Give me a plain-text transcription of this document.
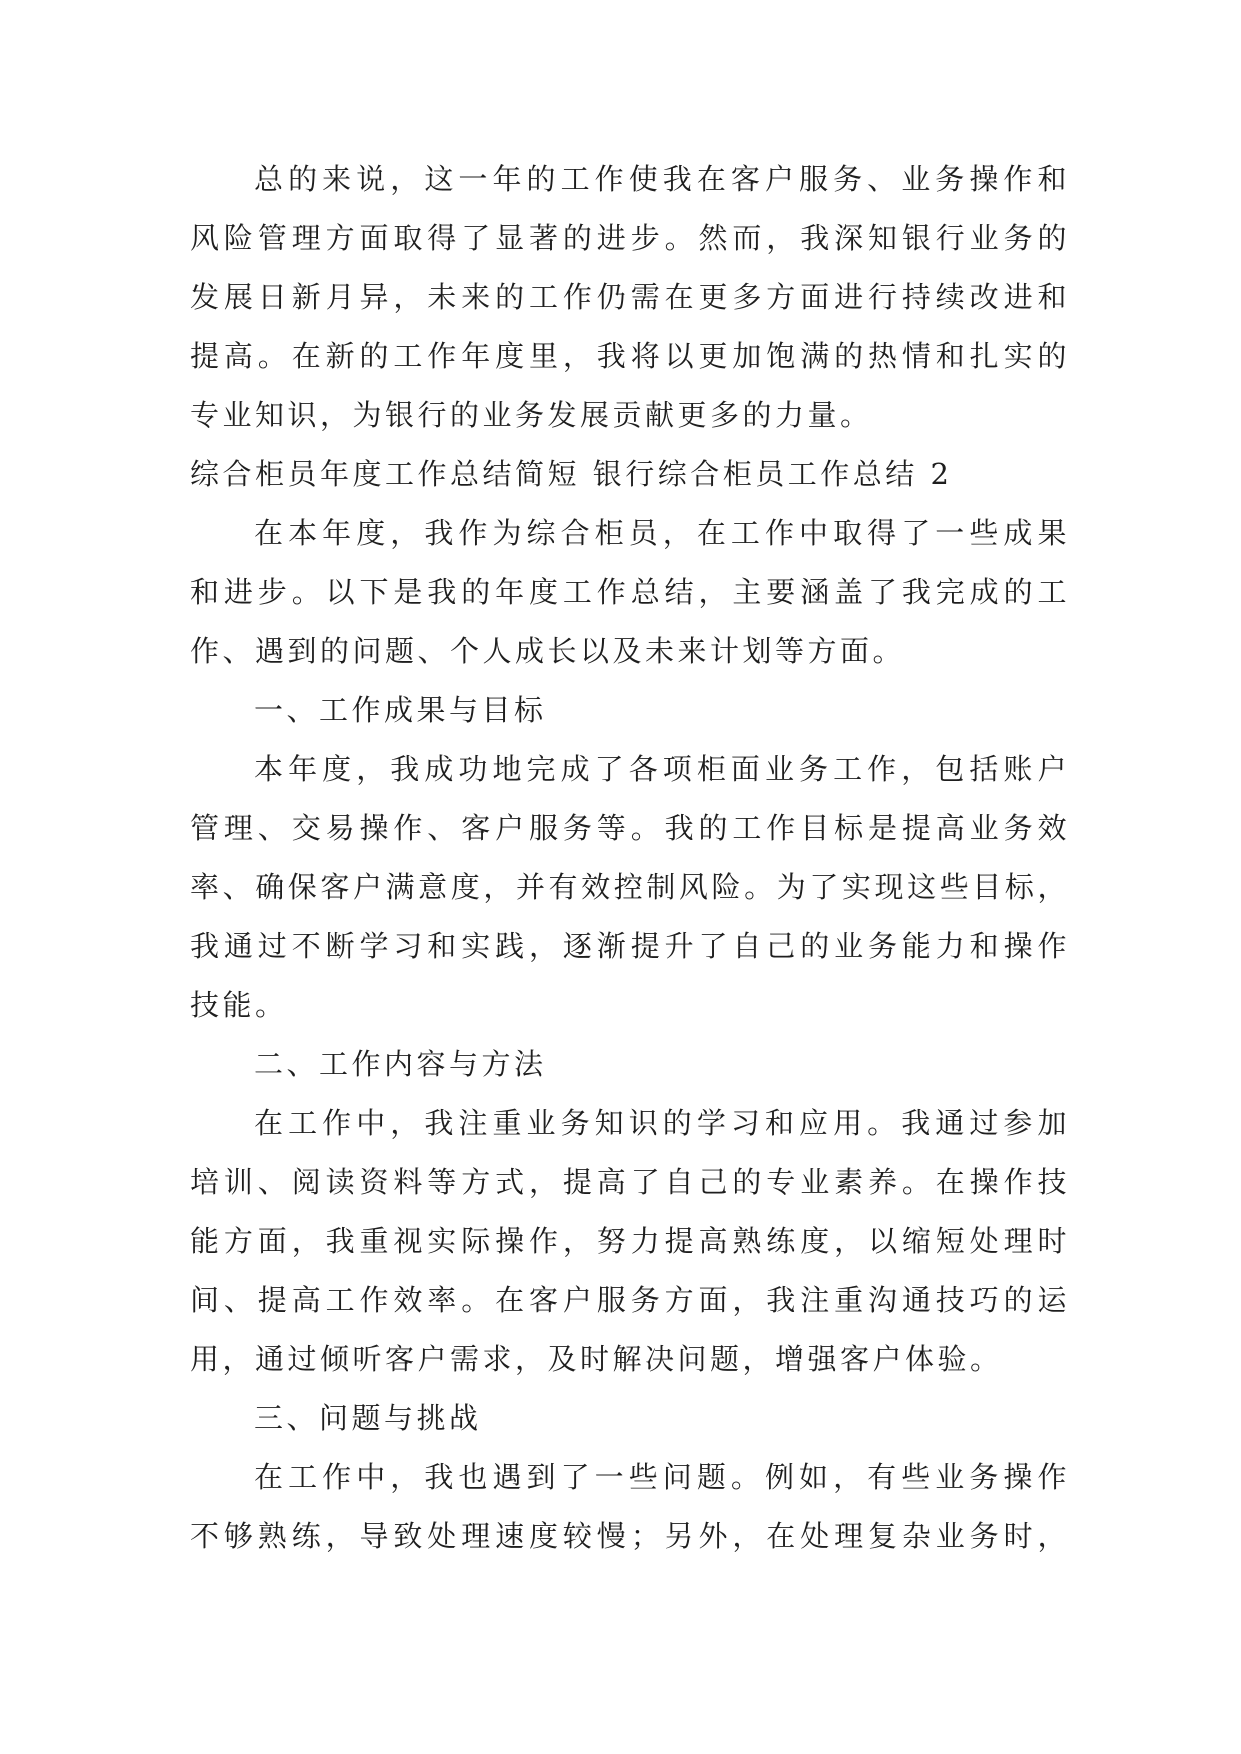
总的来说，这一年的工作使我在客户服务、业务操作和
风险管理方面取得了显著的进步。然而，我深知银行业务的
发展日新月异，未来的工作仍需在更多方面进行持续改进和
提高。在新的工作年度里，我将以更加饱满的热情和扎实的
专业知识，为银行的业务发展贡献更多的力量。
综合柜员年度工作总结简短 银行综合柜员工作总结 2
在本年度，我作为综合柜员，在工作中取得了一些成果
和进步。以下是我的年度工作总结，主要涵盖了我完成的工
作、遇到的问题、个人成长以及未来计划等方面。
一、工作成果与目标
本年度，我成功地完成了各项柜面业务工作，包括账户
管理、交易操作、客户服务等。我的工作目标是提高业务效
率、确保客户满意度，并有效控制风险。为了实现这些目标，
我通过不断学习和实践，逐渐提升了自己的业务能力和操作
技能。
二、工作内容与方法
在工作中，我注重业务知识的学习和应用。我通过参加
培训、阅读资料等方式，提高了自己的专业素养。在操作技
能方面，我重视实际操作，努力提高熟练度，以缩短处理时
间、提高工作效率。在客户服务方面，我注重沟通技巧的运
用，通过倾听客户需求，及时解决问题，增强客户体验。
三、问题与挑战
在工作中，我也遇到了一些问题。例如，有些业务操作
不够熟练，导致处理速度较慢；另外，在处理复杂业务时，
